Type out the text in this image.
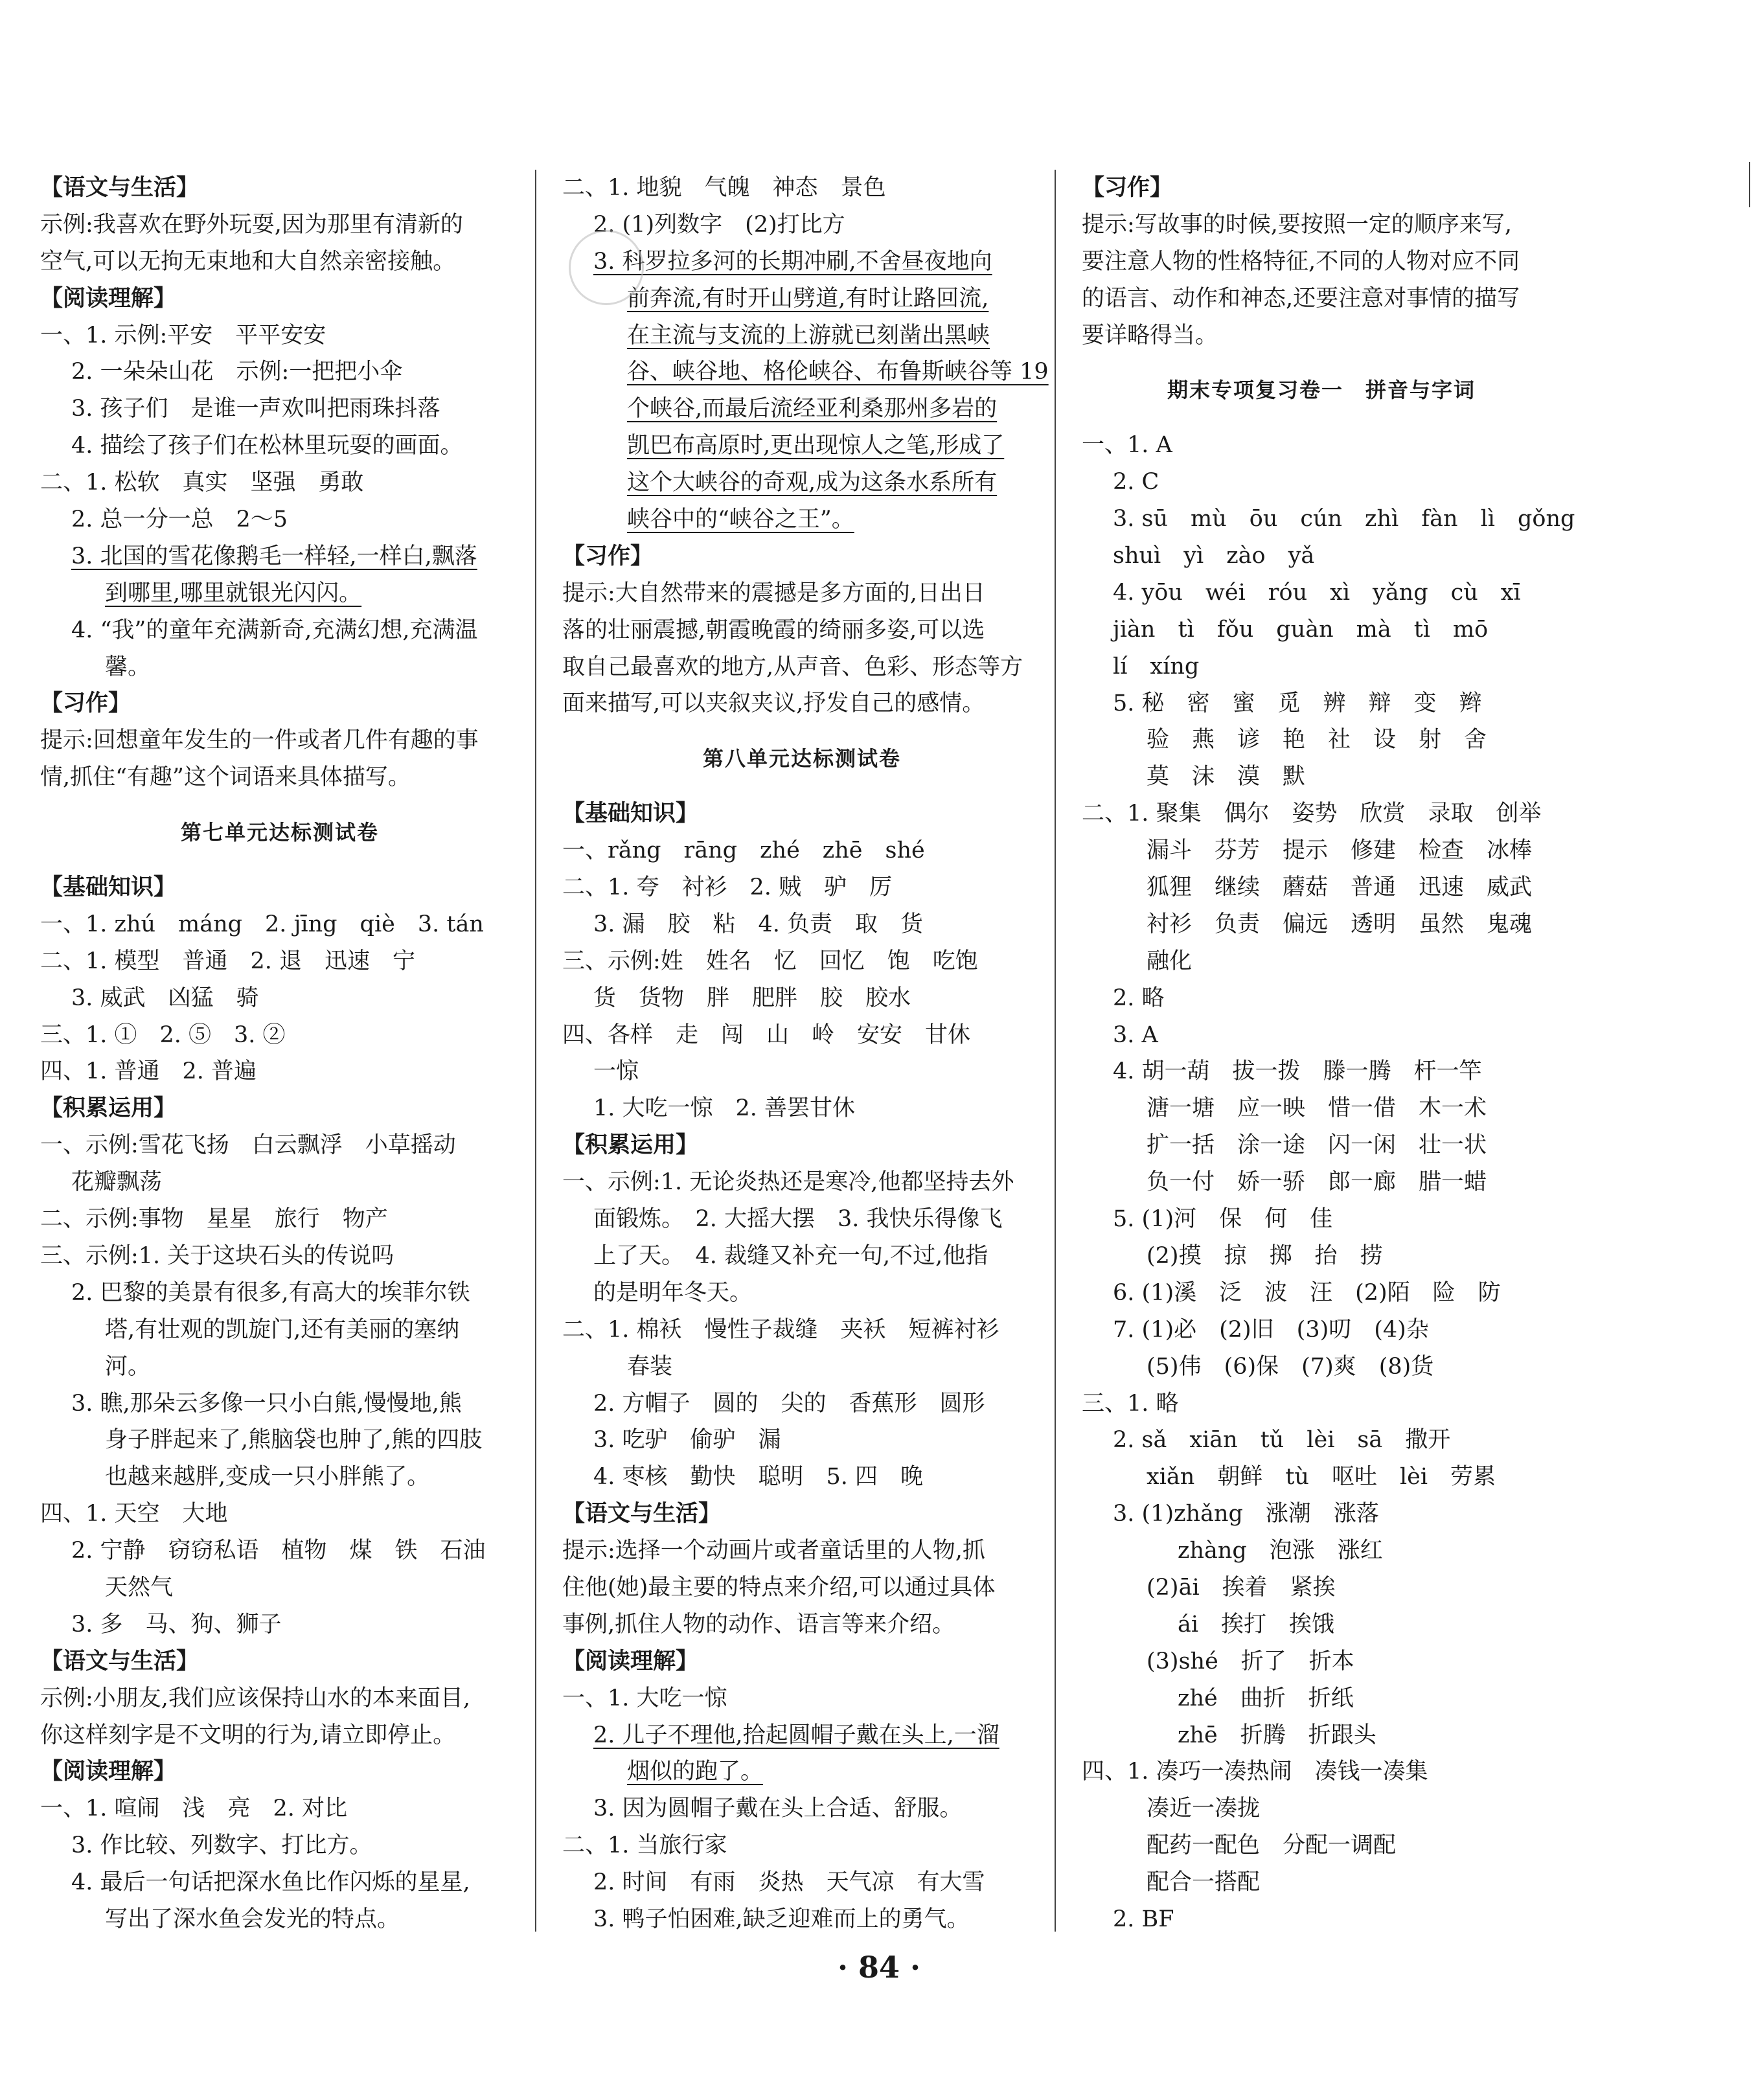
【语文与生活】
示例:我喜欢在野外玩耍,因为那里有清新的
空气,可以无拘无束地和大自然亲密接触。
【阅读理解】
一、1. 示例:平安　平平安安
2. 一朵朵山花　示例:一把把小伞
3. 孩子们　是谁一声欢叫把雨珠抖落
4. 描绘了孩子们在松林里玩耍的画面。
二、1. 松软　真实　坚强　勇敢
2. 总一分一总　2～5
3. 北国的雪花像鹅毛一样轻,一样白,飘落
到哪里,哪里就银光闪闪。
4. “我”的童年充满新奇,充满幻想,充满温
馨。
【习作】
提示:回想童年发生的一件或者几件有趣的事
情,抓住“有趣”这个词语来具体描写。
第七单元达标测试卷
【基础知识】
一、1. zhú　máng　2. jīng　qiè　3. tán
二、1. 模型　普通　2. 退　迅速　宁
3. 威武　凶猛　骑
三、1. ①　2. ⑤　3. ②
四、1. 普通　2. 普遍
【积累运用】
一、示例:雪花飞扬　白云飘浮　小草摇动
花瓣飘荡
二、示例:事物　星星　旅行　物产
三、示例:1. 关于这块石头的传说吗
2. 巴黎的美景有很多,有高大的埃菲尔铁
塔,有壮观的凯旋门,还有美丽的塞纳
河。
3. 瞧,那朵云多像一只小白熊,慢慢地,熊
身子胖起来了,熊脑袋也肿了,熊的四肢
也越来越胖,变成一只小胖熊了。
四、1. 天空　大地
2. 宁静　窃窃私语　植物　煤　铁　石油
天然气
3. 多　马、狗、狮子
【语文与生活】
示例:小朋友,我们应该保持山水的本来面目,
你这样刻字是不文明的行为,请立即停止。
【阅读理解】
一、1. 喧闹　浅　亮　2. 对比
3. 作比较、列数字、打比方。
4. 最后一句话把深水鱼比作闪烁的星星,
写出了深水鱼会发光的特点。
二、1. 地貌　气魄　神态　景色
2. (1)列数字　(2)打比方
3. 科罗拉多河的长期冲刷,不舍昼夜地向
前奔流,有时开山劈道,有时让路回流,
在主流与支流的上游就已刻凿出黑峡
谷、峡谷地、格伦峡谷、布鲁斯峡谷等 19
个峡谷,而最后流经亚利桑那州多岩的
凯巴布高原时,更出现惊人之笔,形成了
这个大峡谷的奇观,成为这条水系所有
峡谷中的“峡谷之王”。
【习作】
提示:大自然带来的震撼是多方面的,日出日
落的壮丽震撼,朝霞晚霞的绮丽多姿,可以选
取自己最喜欢的地方,从声音、色彩、形态等方
面来描写,可以夹叙夹议,抒发自己的感情。
第八单元达标测试卷
【基础知识】
一、rǎng　rāng　zhé　zhē　shé
二、1. 夸　衬衫　2. 贼　驴　厉
3. 漏　胶　粘　4. 负责　取　货
三、示例:姓　姓名　忆　回忆　饱　吃饱
货　货物　胖　肥胖　胶　胶水
四、各样　走　闯　山　岭　安安　甘休
一惊
1. 大吃一惊　2. 善罢甘休
【积累运用】
一、示例:1. 无论炎热还是寒冷,他都坚持去外
面锻炼。　2. 大摇大摆　3. 我快乐得像飞
上了天。　4. 裁缝又补充一句,不过,他指
的是明年冬天。
二、1. 棉袄　慢性子裁缝　夹袄　短裤衬衫
春装
2. 方帽子　圆的　尖的　香蕉形　圆形
3. 吃驴　偷驴　漏
4. 枣核　勤快　聪明　5. 四　晚
【语文与生活】
提示:选择一个动画片或者童话里的人物,抓
住他(她)最主要的特点来介绍,可以通过具体
事例,抓住人物的动作、语言等来介绍。
【阅读理解】
一、1. 大吃一惊
2. 儿子不理他,拾起圆帽子戴在头上,一溜
烟似的跑了。
3. 因为圆帽子戴在头上合适、舒服。
二、1. 当旅行家
2. 时间　有雨　炎热　天气凉　有大雪
3. 鸭子怕困难,缺乏迎难而上的勇气。
【习作】
提示:写故事的时候,要按照一定的顺序来写,
要注意人物的性格特征,不同的人物对应不同
的语言、动作和神态,还要注意对事情的描写
要详略得当。
期末专项复习卷一　拼音与字词
一、1. A
2. C
3. sū　mù　ōu　cún　zhì　fàn　lì　gǒng
shuì　yì　zào　yǎ
4. yōu　wéi　róu　xì　yǎng　cù　xī
jiàn　tì　fǒu　guàn　mà　tì　mō
lí　xíng
5. 秘　密　蜜　觅　辨　辩　变　辫
验　燕　谚　艳　社　设　射　舍
莫　沫　漠　默
二、1. 聚集　偶尔　姿势　欣赏　录取　创举
漏斗　芬芳　提示　修建　检查　冰棒
狐狸　继续　蘑菇　普通　迅速　威武
衬衫　负责　偏远　透明　虽然　鬼魂
融化
2. 略
3. A
4. 胡一葫　拔一拨　滕一腾　杆一竿
溏一塘　应一映　惜一借　木一术
扩一括　涂一途　闪一闲　壮一状
负一付　娇一骄　郎一廊　腊一蜡
5. (1)河　保　何　佳
(2)摸　掠　掷　抬　捞
6. (1)溪　泛　波　汪　(2)陌　险　防
7. (1)必　(2)旧　(3)叨　(4)杂
(5)伟　(6)保　(7)爽　(8)货
三、1. 略
2. sǎ　xiān　tǔ　lèi　sā　撒开
xiǎn　朝鲜　tù　呕吐　lèi　劳累
3. (1)zhǎng　涨潮　涨落
zhàng　泡涨　涨红
(2)āi　挨着　紧挨
ái　挨打　挨饿
(3)shé　折了　折本
zhé　曲折　折纸
zhē　折腾　折跟头
四、1. 凑巧一凑热闹　凑钱一凑集
凑近一凑拢
配药一配色　分配一调配
配合一搭配
2. BF
· 84 ·
